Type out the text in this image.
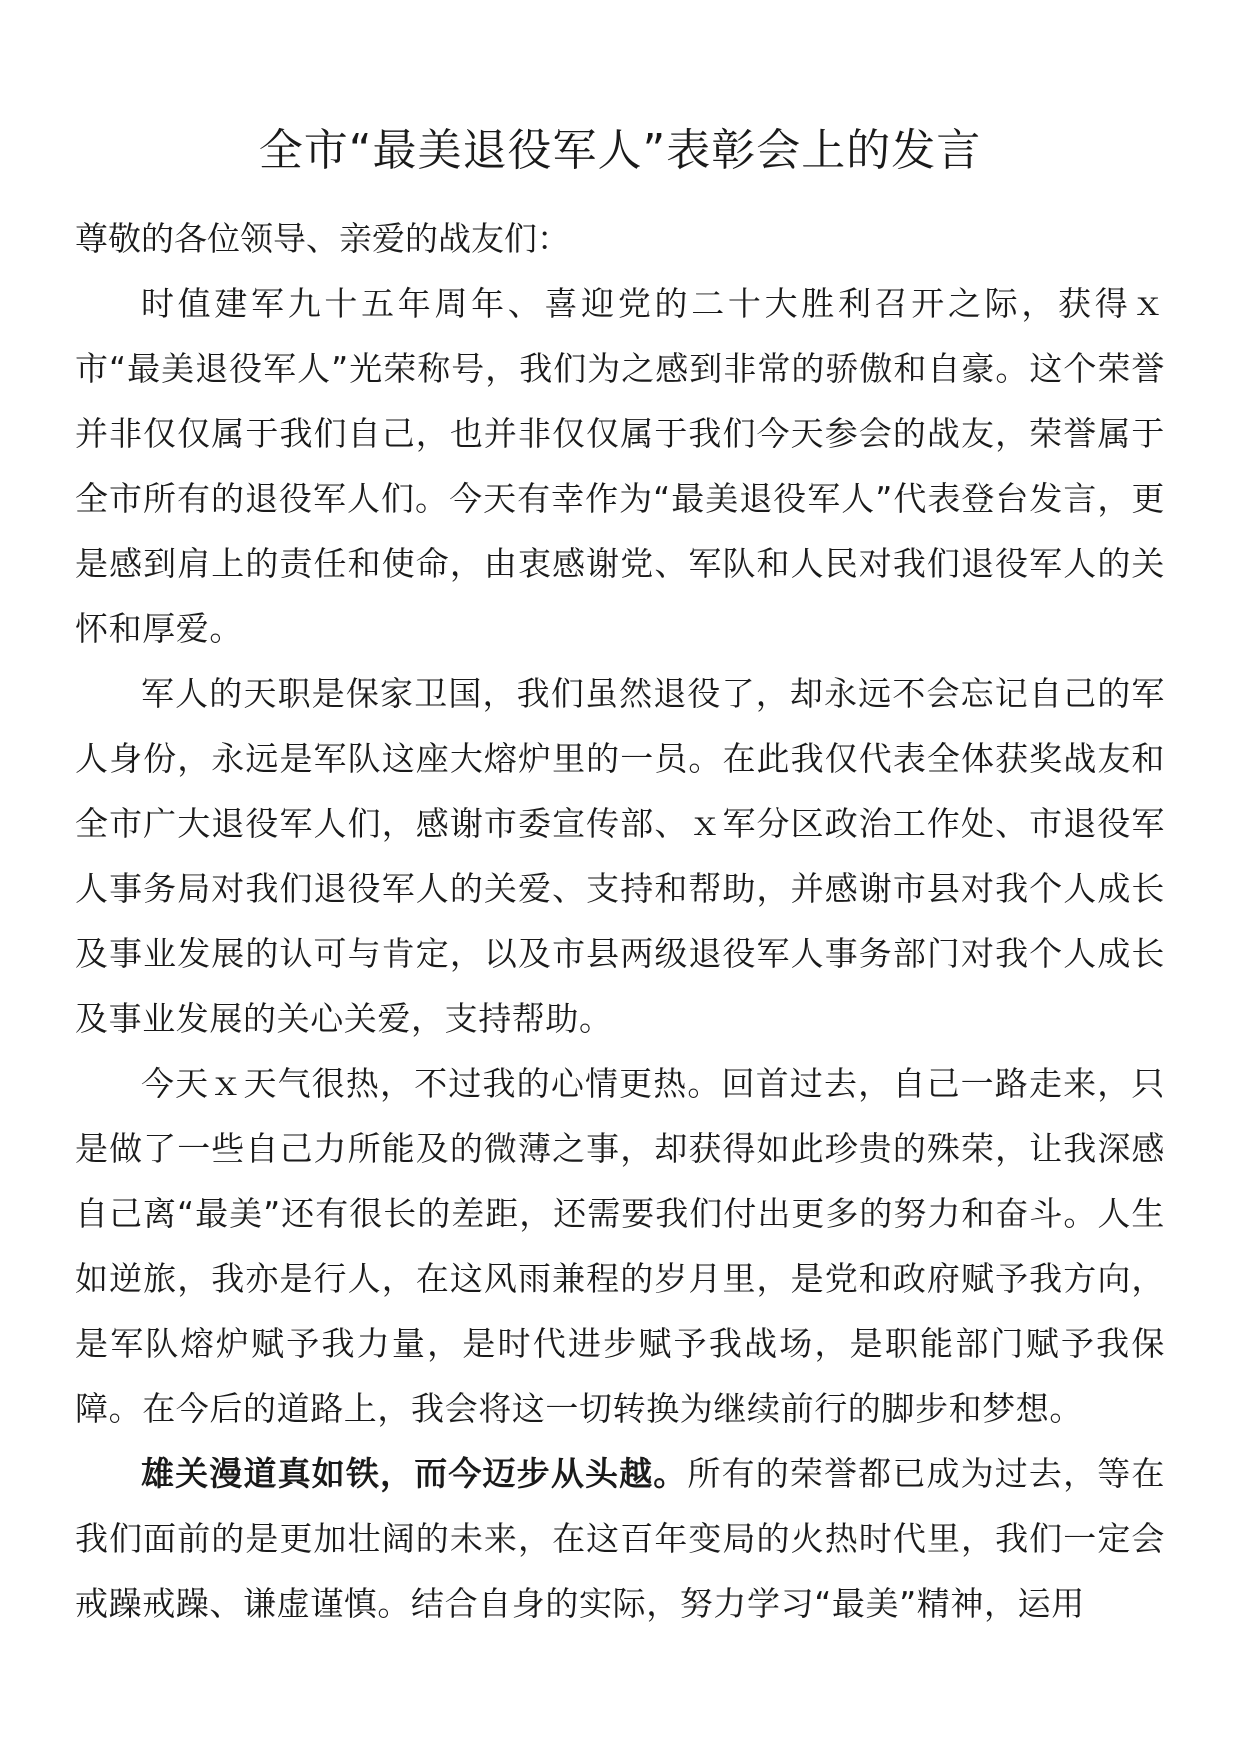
全市“最美退役军人”表彰会上的发言

尊敬的各位领导、亲爱的战友们：

时值建军九十五年周年、喜迎党的二十大胜利召开之际，获得ｘ市“最美退役军人”光荣称号，我们为之感到非常的骄傲和自豪。这个荣誉并非仅仅属于我们自己，也并非仅仅属于我们今天参会的战友，荣誉属于全市所有的退役军人们。今天有幸作为“最美退役军人”代表登台发言，更是感到肩上的责任和使命，由衷感谢党、军队和人民对我们退役军人的关怀和厚爱。

军人的天职是保家卫国，我们虽然退役了，却永远不会忘记自己的军人身份，永远是军队这座大熔炉里的一员。在此我仅代表全体获奖战友和全市广大退役军人们，感谢市委宣传部、ｘ军分区政治工作处、市退役军人事务局对我们退役军人的关爱、支持和帮助，并感谢市县对我个人成长及事业发展的认可与肯定，以及市县两级退役军人事务部门对我个人成长及事业发展的关心关爱，支持帮助。

今天ｘ天气很热，不过我的心情更热。回首过去，自己一路走来，只是做了一些自己力所能及的微薄之事，却获得如此珍贵的殊荣，让我深感自己离“最美”还有很长的差距，还需要我们付出更多的努力和奋斗。人生如逆旅，我亦是行人，在这风雨兼程的岁月里，是党和政府赋予我方向，是军队熔炉赋予我力量，是时代进步赋予我战场，是职能部门赋予我保障。在今后的道路上，我会将这一切转换为继续前行的脚步和梦想。

雄关漫道真如铁，而今迈步从头越。所有的荣誉都已成为过去，等在我们面前的是更加壮阔的未来，在这百年变局的火热时代里，我们一定会戒躁戒躁、谦虚谨慎。结合自身的实际，努力学习“最美”精神，运用
